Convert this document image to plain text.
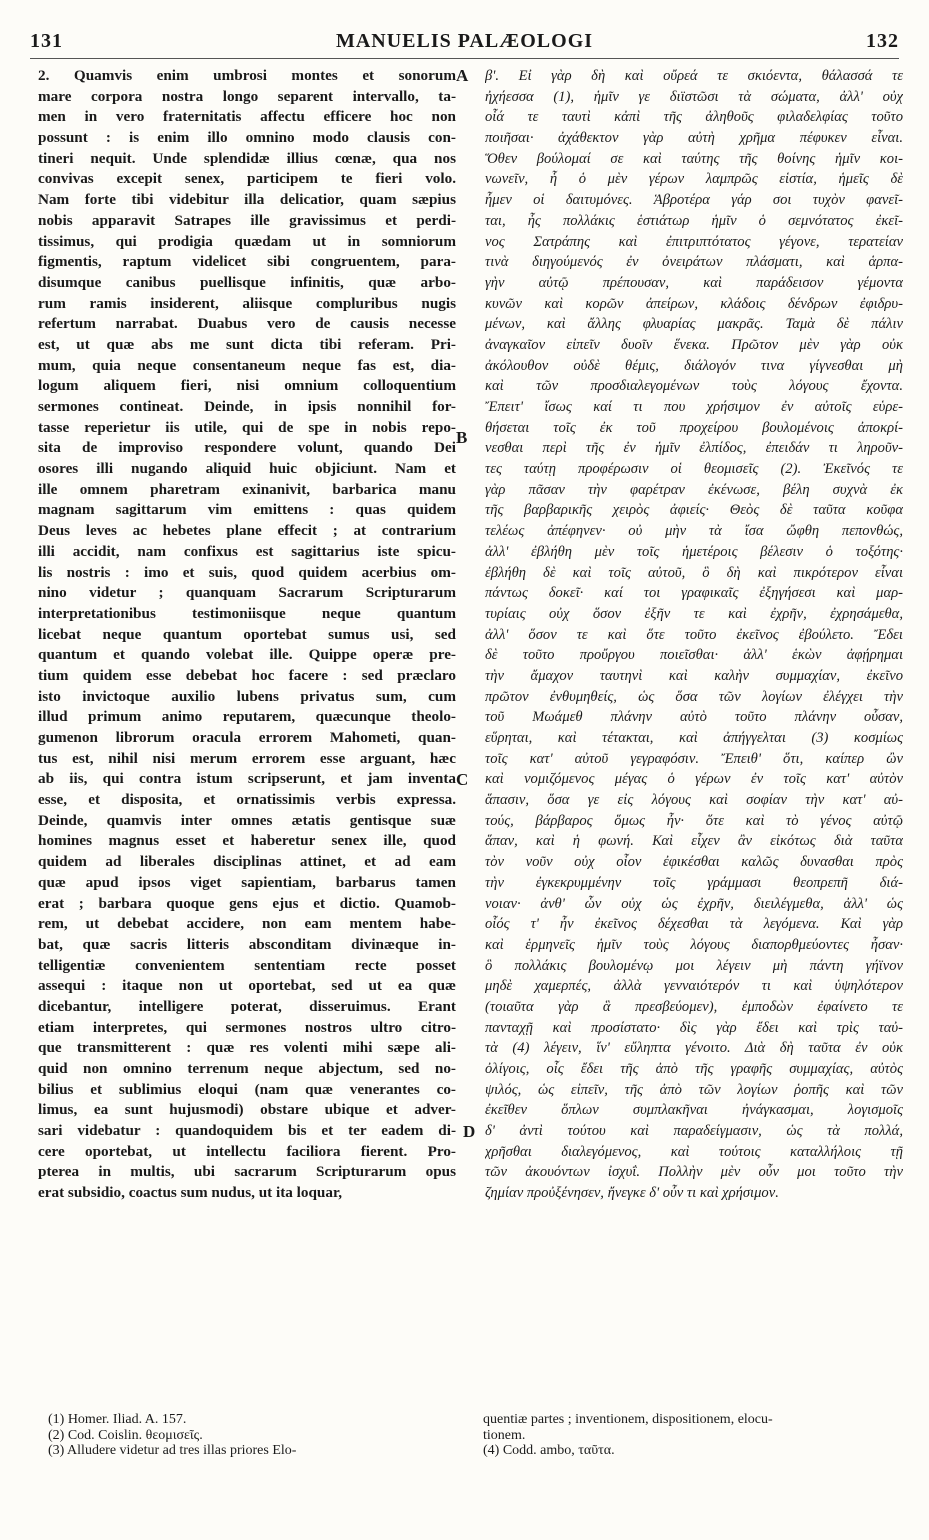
131	MANUELIS PALÆOLOGI	132
2. Quamvis enim umbrosi montes et sonorum
mare corpora nostra longo separent intervallo, ta-
men in vero fraternitatis affectu efficere hoc non
possunt : is enim illo omnino modo clausis con-
tineri nequit. Unde splendidæ illius cœnæ, qua nos
convivas excepit senex, participem te fieri volo.
Nam forte tibi videbitur illa delicatior, quam sæpius
nobis apparavit Satrapes ille gravissimus et perdi-
tissimus, qui prodigia quædam ut in somniorum
figmentis, raptum videlicet sibi congruentem, para-
disumque canibus puellisque infinitis, quæ arbo-
rum ramis insiderent, aliisque compluribus nugis
refertum narrabat. Duabus vero de causis necesse
est, ut quæ abs me sunt dicta tibi referam. Pri-
mum, quia neque consentaneum neque fas est, dia-
logum aliquem fieri, nisi omnium colloquentium
sermones contineat. Deinde, in ipsis nonnihil for-
tasse reperietur iis utile, qui de spe in nobis repo-
sita de improviso respondere volunt, quando Dei
osores illi nugando aliquid huic objiciunt. Nam et
ille omnem pharetram exinanivit, barbarica manu
magnam sagittarum vim emittens : quas quidem
Deus leves ac hebetes plane effecit ; at contrarium
illi accidit, nam confixus est sagittarius iste spicu-
lis nostris : imo et suis, quod quidem acerbius om-
nino videtur ; quanquam Sacrarum Scripturarum
interpretationibus testimoniisque neque quantum
licebat neque quantum oportebat sumus usi, sed
quantum et quando volebat ille. Quippe operæ pre-
tium quidem esse debebat hoc facere : sed præclaro
isto invictoque auxilio lubens privatus sum, cum
illud primum animo reputarem, quæcunque theolo-
gumenon librorum oracula errorem Mahometi, quan-
tus est, nihil nisi merum errorem esse arguant, hæc
ab iis, qui contra istum scripserunt, et jam inventa
esse, et disposita, et ornatissimis verbis expressa.
Deinde, quamvis inter omnes ætatis gentisque suæ
homines magnus esset et haberetur senex ille, quod
quidem ad liberales disciplinas attinet, et ad eam
quæ apud ipsos viget sapientiam, barbarus tamen
erat ; barbara quoque gens ejus et dictio. Quamob-
rem, ut debebat accidere, non eam mentem habe-
bat, quæ sacris litteris absconditam divinæque in-
telligentiæ convenientem sententiam recte posset
assequi : itaque non ut oportebat, sed ut ea quæ
dicebantur, intelligere poterat, disseruimus. Erant
etiam interpretes, qui sermones nostros ultro citro-
que transmitterent : quæ res volenti mihi sæpe ali-
quid non omnino terrenum neque abjectum, sed no-
bilius et sublimius eloqui (nam quæ venerantes co-
limus, ea sunt hujusmodi) obstare ubique et adver-
sari videbatur : quandoquidem bis et ter eadem di-
cere oportebat, ut intellectu faciliora fierent. Pro-
pterea in multis, ubi sacrarum Scripturarum opus
erat subsidio, coactus sum nudus, ut ita loquar,
β'. Εἰ γὰρ δὴ καὶ οὔρεά τε σκιόεντα, θάλασσά τε
ἠχήεσσα (1), ἡμῖν γε διϊστῶσι τὰ σώματα, ἀλλ' οὐχ
οἷά τε ταυτὶ κἀπὶ τῆς ἀληθοῦς φιλαδελφίας τοῦτο
ποιῆσαι· ἀχάθεκτον γὰρ αὐτὴ χρῆμα πέφυκεν εἶναι.
Ὅθεν βούλομαί σε καὶ ταύτης τῆς θοίνης ἡμῖν κοι-
νωνεῖν, ἧ ὁ μὲν γέρων λαμπρῶς εἱστία, ἡμεῖς δὲ
ἦμεν οἱ δαιτυμόνες. Ἁβροτέρα γάρ σοι τυχὸν φανεῖ-
ται, ἧς πολλάκις ἑστιάτωρ ἡμῖν ὁ σεμνότατος ἐκεῖ-
νος Σατράπης καὶ ἐπιτριπτότατος γέγονε, τερατείαν
τινὰ διηγούμενός ἐν ὀνειράτων πλάσματι, καὶ ἁρπα-
γὴν αὐτῷ πρέπουσαν, καὶ παράδεισον γέμοντα
κυνῶν καὶ κορῶν ἀπείρων, κλάδοις δένδρων ἐφιδρυ-
μένων, καὶ ἄλλης φλυαρίας μακρᾶς. Ταμὰ δὲ πάλιν
ἀναγκαῖον εἰπεῖν δυοῖν ἕνεκα. Πρῶτον μὲν γὰρ οὐκ
ἀκόλουθον οὐδὲ θέμις, διάλογόν τινα γίγνεσθαι μὴ
καὶ τῶν προσδιαλεγομένων τοὺς λόγους ἔχοντα.
Ἔπειτ' ἴσως καί τι που χρήσιμον ἐν αὐτοῖς εὑρε-
θήσεται τοῖς ἐκ τοῦ προχείρου βουλομένοις ἀποκρί-
νεσθαι περὶ τῆς ἐν ἡμῖν ἐλπίδος, ἐπειδάν τι ληροῦν-
τες ταύτῃ προφέρωσιν οἱ θεομισεῖς (2). Ἐκεῖνός τε
γὰρ πᾶσαν τὴν φαρέτραν ἐκένωσε, βέλη συχνὰ ἐκ
τῆς βαρβαρικῆς χειρὸς ἀφιείς· Θεὸς δὲ ταῦτα κοῦφα
τελέως ἀπέφηνεν· οὐ μὴν τὰ ἴσα ὤφθη πεπονθώς,
ἀλλ' ἐβλήθη μὲν τοῖς ἡμετέροις βέλεσιν ὁ τοξότης·
ἐβλήθη δὲ καὶ τοῖς αὐτοῦ, ὃ δὴ καὶ πικρότερον εἶναι
πάντως δοκεῖ· καί τοι γραφικαῖς ἐξηγήσεσι καὶ μαρ-
τυρίαις οὐχ ὅσον ἐξῆν τε καὶ ἐχρῆν, ἐχρησάμεθα,
ἀλλ' ὅσον τε καὶ ὅτε τοῦτο ἐκεῖνος ἐβούλετο. Ἔδει
δὲ τοῦτο προὔργου ποιεῖσθαι· ἀλλ' ἑκὼν ἀφῄρημαι
τὴν ἄμαχον ταυτηνὶ καὶ καλὴν συμμαχίαν, ἐκεῖνο
πρῶτον ἐνθυμηθείς, ὡς ὅσα τῶν λογίων ἐλέγχει τὴν
τοῦ Μωάμεθ πλάνην αὐτὸ τοῦτο πλάνην οὖσαν,
εὕρηται, καὶ τέτακται, καὶ ἀπήγγελται (3) κοσμίως
τοῖς κατ' αὐτοῦ γεγραφόσιν. Ἔπειθ' ὅτι, καίπερ ὢν
καὶ νομιζόμενος μέγας ὁ γέρων ἐν τοῖς κατ' αὐτὸν
ἅπασιν, ὅσα γε εἰς λόγους καὶ σοφίαν τὴν κατ' αὐ-
τούς, βάρβαρος ὅμως ἦν· ὅτε καὶ τὸ γένος αὐτῷ
ἅπαν, καὶ ἡ φωνή. Καὶ εἶχεν ἂν εἰκότως διὰ ταῦτα
τὸν νοῦν οὐχ οἷον ἐφικέσθαι καλῶς δυνασθαι πρὸς
τὴν ἐγκεκρυμμένην τοῖς γράμμασι θεοπρεπῆ διά-
νοιαν· ἀνθ' ὧν οὐχ ὡς ἐχρῆν, διειλέγμεθα, ἀλλ' ὡς
οἷός τ' ἦν ἐκεῖνος δέχεσθαι τὰ λεγόμενα. Καὶ γὰρ
καὶ ἑρμηνεῖς ἡμῖν τοὺς λόγους διαπορθμεύοντες ἦσαν·
ὃ πολλάκις βουλομένῳ μοι λέγειν μὴ πάντη γήϊνον
μηδὲ χαμερπές, ἀλλὰ γενναιότερόν τι καὶ ὑψηλότερον
(τοιαῦτα γὰρ ἃ πρεσβεύομεν), ἐμποδὼν ἐφαίνετο τε
πανταχῇ καὶ προσίστατο· δὶς γὰρ ἔδει καὶ τρὶς ταὐ-
τὰ (4) λέγειν, ἵν' εὔληπτα γένοιτο. Διὰ δὴ ταῦτα ἐν οὐκ
ὀλίγοις, οἷς ἔδει τῆς ἀπὸ τῆς γραφῆς συμμαχίας, αὐτὸς
ψιλός, ὡς εἰπεῖν, τῆς ἀπὸ τῶν λογίων ῥοπῆς καὶ τῶν
ἐκεῖθεν ὅπλων συμπλακῆναι ἠνάγκασμαι, λογισμοῖς
δ' ἀντὶ τούτου καὶ παραδείγμασιν, ὡς τὰ πολλά,
χρῆσθαι διαλεγόμενος, καὶ τούτοις καταλλήλοις τῇ
τῶν ἀκουόντων ἰσχυΐ. Πολλὴν μὲν οὖν μοι τοῦτο τὴν
ζημίαν προὐξένησεν, ἤνεγκε δ' οὖν τι καὶ χρήσιμον.
A
B
C
D
(1) Homer. Iliad. A. 157.
(2) Cod. Coislin. θεομισεῖς.
(3) Alludere videtur ad tres illas priores Elo-
quentiæ partes ; inventionem, dispositionem, elocu-
tionem.
(4) Codd. ambo, ταῦτα.
